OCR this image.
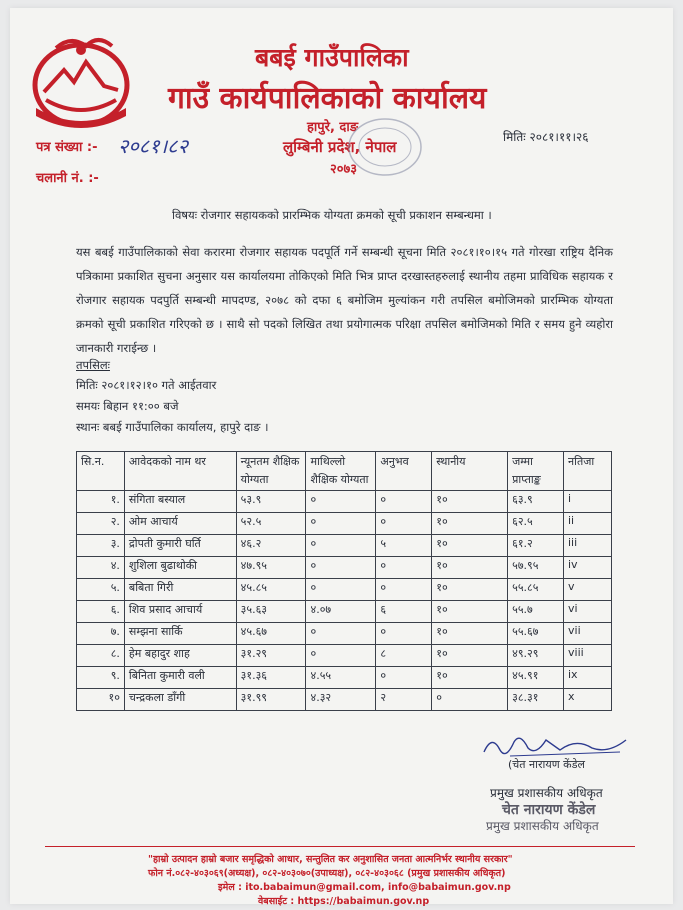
बबई गाउँपालिका
गाउँ कार्यपालिकाको कार्यालय
हापुरे, दाङ
लुम्बिनी प्रदेश, नेपाल
२०७३
पत्र संख्या :- २०८१।८२
चलानी नं. :-
मितिः २०८१।११।२६
विषयः रोजगार सहायकको प्रारम्भिक योग्यता क्रमको सूची प्रकाशन सम्बन्धमा ।
यस बबई गाउँपालिकाको सेवा करारमा रोजगार सहायक पदपूर्ति गर्ने सम्बन्धी सूचना मिति २०८१।१०।१५ गते गोरखा राष्ट्रिय दैनिक पत्रिकामा प्रकाशित सुचना अनुसार यस कार्यालयमा तोकिएको मिति भित्र प्राप्त दरखास्तहरुलाई स्थानीय तहमा प्राविधिक सहायक र रोजगार सहायक पदपुर्ति सम्बन्धी मापदण्ड, २०७८ को दफा ६ बमोजिम मुल्यांकन गरी तपसिल बमोजिमको प्रारम्भिक योग्यता क्रमको सूची प्रकाशित गरिएको छ । साथै सो पदको लिखित तथा प्रयोगात्मक परिक्षा तपसिल बमोजिमको मिति र समय हुने व्यहोरा जानकारी गराईन्छ ।
तपसिलः
मितिः २०८१।१२।१० गते आईतवार
समयः बिहान ११:०० बजे
स्थानः बबई गाउँपालिका कार्यालय, हापुरे दाङ ।
सि.न.	आवेदकको नाम थर	न्यूनतम शैक्षिक योग्यता	माथिल्लो शैक्षिक योग्यता	अनुभव	स्थानीय	जम्मा प्राप्ताङ्क	नतिजा
१.	संगिता बस्याल	५३.९	०	०	१०	६३.९	i
२.	ओम आचार्य	५२.५	०	०	१०	६२.५	ii
३.	द्रोपती कुमारी घर्ति	४६.२	०	५	१०	६१.२	iii
४.	शुशिला बुढाथोकी	४७.९५	०	०	१०	५७.९५	iv
५.	बबिता गिरी	४५.८५	०	०	१०	५५.८५	v
६.	शिव प्रसाद आचार्य	३५.६३	४.०७	६	१०	५५.७	vi
७.	सम्झना सार्कि	४५.६७	०	०	१०	५५.६७	vii
८.	हेम बहादुर शाह	३१.२९	०	८	१०	४९.२९	viii
९.	बिनिता कुमारी वली	३१.३६	४.५५	०	१०	४५.९१	ix
१०	चन्द्रकला डाँगी	३१.९९	४.३२	२	०	३८.३१	x
(चेत नारायण केंडेल
प्रमुख प्रशासकीय अधिकृत
चेत नारायण केंडेल
प्रमुख प्रशासकीय अधिकृत
"हाम्रो उत्पादन हाम्रो बजार समृद्धिको आधार, सन्तुलित कर अनुशासित जनता आत्मनिर्भर स्थानीय सरकार"
फोन नं.०८२-४०३०६९(अध्यक्ष), ०८२-४०३०७०(उपाध्यक्ष), ०८२-४०३०६८ (प्रमुख प्रशासकीय अधिकृत)
इमेल : ito.babaimun@gmail.com, info@babaimun.gov.np
वेबसाईट : https://babaimun.gov.np
